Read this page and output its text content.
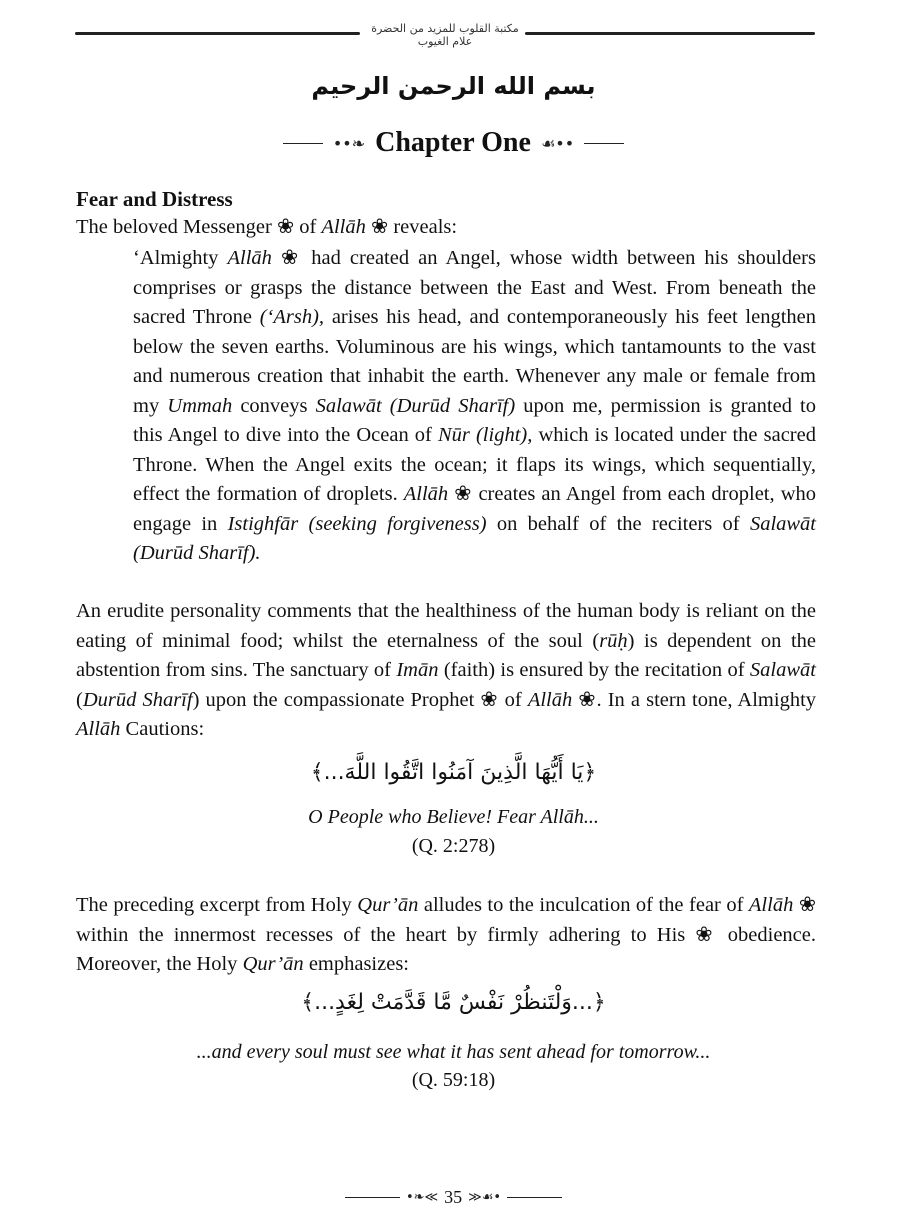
مكتبة القلوب للمزيد من الحضرة علام الغيوب
بسم الله الرحمن الرحيم
••❧ Chapter One ☙••
Fear and Distress

The beloved Messenger ❀ of Allāh ❀ reveals:

‘Almighty Allāh ❀ had created an Angel, whose width between his shoulders comprises or grasps the distance between the East and West. From beneath the sacred Throne (‘Arsh), arises his head, and contemporaneously his feet lengthen below the seven earths. Voluminous are his wings, which tantamounts to the vast and numerous creation that inhabit the earth. Whenever any male or female from my Ummah conveys Salawāt (Durūd Sharīf) upon me, permission is granted to this Angel to dive into the Ocean of Nūr (light), which is located under the sacred Throne. When the Angel exits the ocean; it flaps its wings, which sequentially, effect the formation of droplets. Allāh ❀ creates an Angel from each droplet, who engage in Istighfār (seeking forgiveness) on behalf of the reciters of Salawāt (Durūd Sharīf).

An erudite personality comments that the healthiness of the human body is reliant on the eating of minimal food; whilst the eternalness of the soul (rūḥ) is dependent on the abstention from sins. The sanctuary of Imān (faith) is ensured by the recitation of Salawāt (Durūd Sharīf) upon the compassionate Prophet ❀ of Allāh ❀. In a stern tone, Almighty Allāh Cautions:

﴿يَا أَيُّهَا الَّذِينَ آمَنُوا اتَّقُوا اللَّهَ...﴾
O People who Believe! Fear Allāh...
(Q. 2:278)

The preceding excerpt from Holy Qur’ān alludes to the inculcation of the fear of Allāh ❀ within the innermost recesses of the heart by firmly adhering to His ❀ obedience. Moreover, the Holy Qur’ān emphasizes:

﴿...وَلْتَنظُرْ نَفْسٌ مَّا قَدَّمَتْ لِغَدٍ...﴾
...and every soul must see what it has sent ahead for tomorrow...
(Q. 59:18)
•❧≪ 35 ≫☙•
